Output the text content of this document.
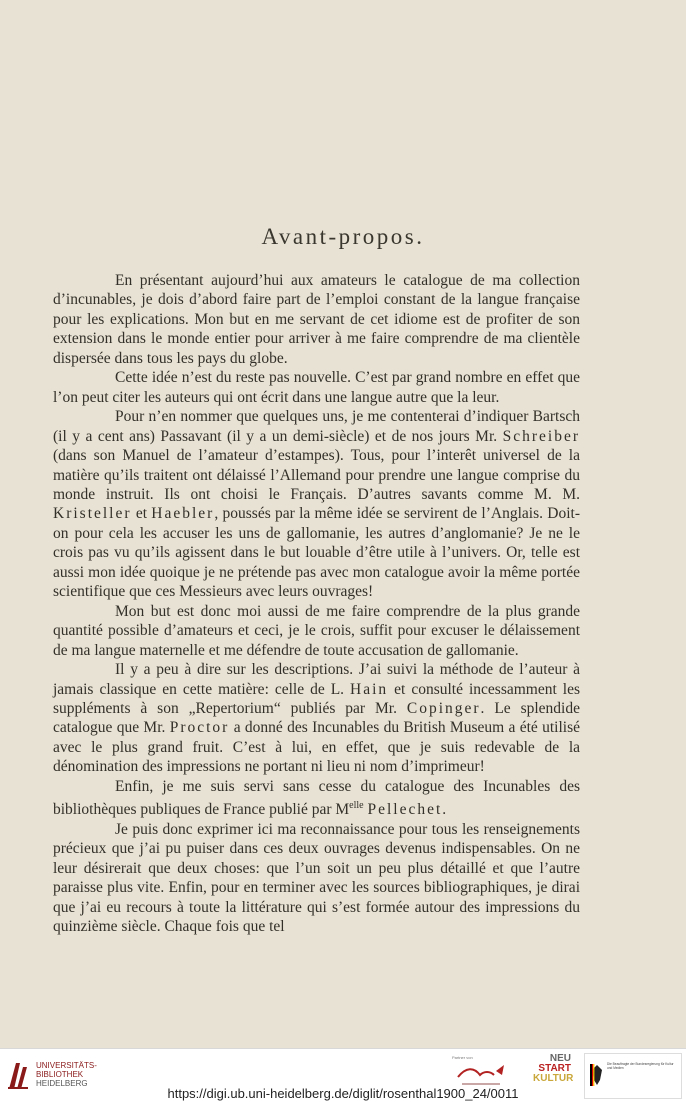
Avant-propos.

En présentant aujourd’hui aux amateurs le catalogue de ma collection d’incunables, je dois d’abord faire part de l’emploi constant de la langue française pour les explications. Mon but en me servant de cet idiome est de profiter de son extension dans le monde entier pour arriver à me faire comprendre de ma clientèle dispersée dans tous les pays du globe.

Cette idée n’est du reste pas nouvelle. C’est par grand nombre en effet que l’on peut citer les auteurs qui ont écrit dans une langue autre que la leur.

Pour n’en nommer que quelques uns, je me contenterai d’indiquer Bartsch (il y a cent ans) Passavant (il y a un demi-siècle) et de nos jours Mr. Schreiber (dans son Manuel de l’amateur d’estampes). Tous, pour l’interêt universel de la matière qu’ils traitent ont délaissé l’Allemand pour prendre une langue comprise du monde instruit. Ils ont choisi le Français. D’autres savants comme M. M. Kristeller et Haebler, poussés par la même idée se servirent de l’Anglais. Doit-on pour cela les accuser les uns de gallomanie, les autres d’anglomanie? Je ne le crois pas vu qu’ils agissent dans le but louable d’être utile à l’univers. Or, telle est aussi mon idée quoique je ne prétende pas avec mon catalogue avoir la même portée scientifique que ces Messieurs avec leurs ouvrages!

Mon but est donc moi aussi de me faire comprendre de la plus grande quantité possible d’amateurs et ceci, je le crois, suffit pour excuser le délaissement de ma langue maternelle et me défendre de toute accusation de gallomanie.

Il y a peu à dire sur les descriptions. J’ai suivi la méthode de l’auteur à jamais classique en cette matière: celle de L. Hain et consulté incessamment les suppléments à son „Repertorium“ publiés par Mr. Copinger. Le splendide catalogue que Mr. Proctor a donné des Incunables du British Museum a été utilisé avec le plus grand fruit. C’est à lui, en effet, que je suis redevable de la dénomination des impressions ne portant ni lieu ni nom d’imprimeur!

Enfin, je me suis servi sans cesse du catalogue des Incunables des bibliothèques publiques de France publié par $M^{elle}$ Pellechet.

Je puis donc exprimer ici ma reconnaissance pour tous les renseignements précieux que j’ai pu puiser dans ces deux ouvrages devenus indispensables. On ne leur désirerait que deux choses: que l’un soit un peu plus détaillé et que l’autre paraisse plus vite. Enfin, pour en terminer avec les sources bibliographiques, je dirai que j’ai eu recours à toute la littérature qui s’est formée autour des impressions du quinzième siècle. Chaque fois que tel

UNIVERSITÄTS-
BIBLIOTHEK
HEIDELBERG
https://digi.ub.uni-heidelberg.de/diglit/rosenthal1900_24/0011
Partner von	NEU
START
KULTUR
Die Beauftragte der Bundesregierung für Kultur und Medien
